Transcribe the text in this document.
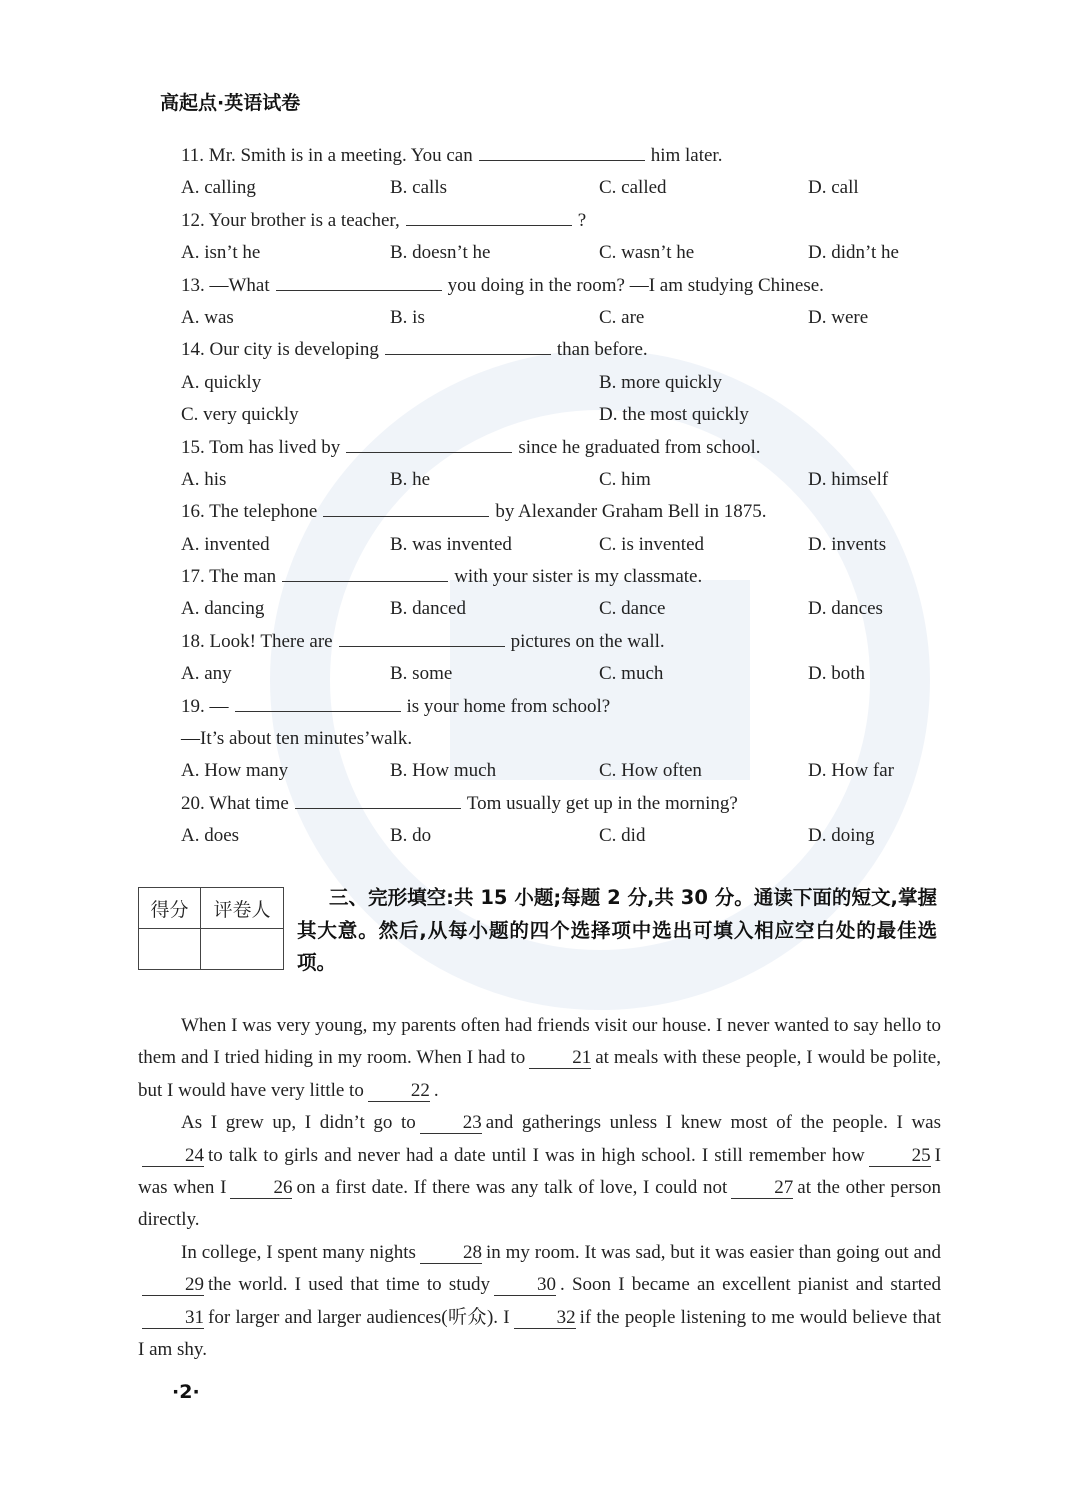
高起点·英语试卷
11. Mr. Smith is in a meeting. You can	him later.
A. calling	B. calls	C. called	D. call
12. Your brother is a teacher,	?
A. isn’t he	B. doesn’t he	C. wasn’t he	D. didn’t he
13. —What	you doing in the room? —I am studying Chinese.
A. was	B. is	C. are	D. were
14. Our city is developing	than before.
A. quickly	B. more quickly
C. very quickly	D. the most quickly
15. Tom has lived by	since he graduated from school.
A. his	B. he	C. him	D. himself
16. The telephone	by Alexander Graham Bell in 1875.
A. invented	B. was invented	C. is invented	D. invents
17. The man	with your sister is my classmate.
A. dancing	B. danced	C. dance	D. dances
18. Look! There are	pictures on the wall.
A. any	B. some	C. much	D. both
19. —	is your home from school?
—It’s about ten minutes’walk.
A. How many	B. How much	C. How often	D. How far
20. What time	Tom usually get up in the morning?
A. does	B. do	C. did	D. doing
得分	评卷人

三、完形填空:共 15 小题;每题 2 分,共 30 分。通读下面的短文,掌握其大意。然后,从每小题的四个选择项中选出可填入相应空白处的最佳选项。

When I was very young, my parents often had friends visit our house. I never wanted to say hello to them and I tried hiding in my room. When I had to 21 at meals with these people, I would be polite, but I would have very little to 22 .

As I grew up, I didn’t go to 23 and gatherings unless I knew most of the people. I was24 to talk to girls and never had a date until I was in high school. I still remember how 25 I was when I 26 on a first date. If there was any talk of love, I could not 27 at the other person directly.

In college, I spent many nights 28 in my room. It was sad, but it was easier than going out and29 the world. I used that time to study 30 . Soon I became an excellent pianist and started31 for larger and larger audiences(听众). I 32 if the people listening to me would believe that I am shy.

·2·
